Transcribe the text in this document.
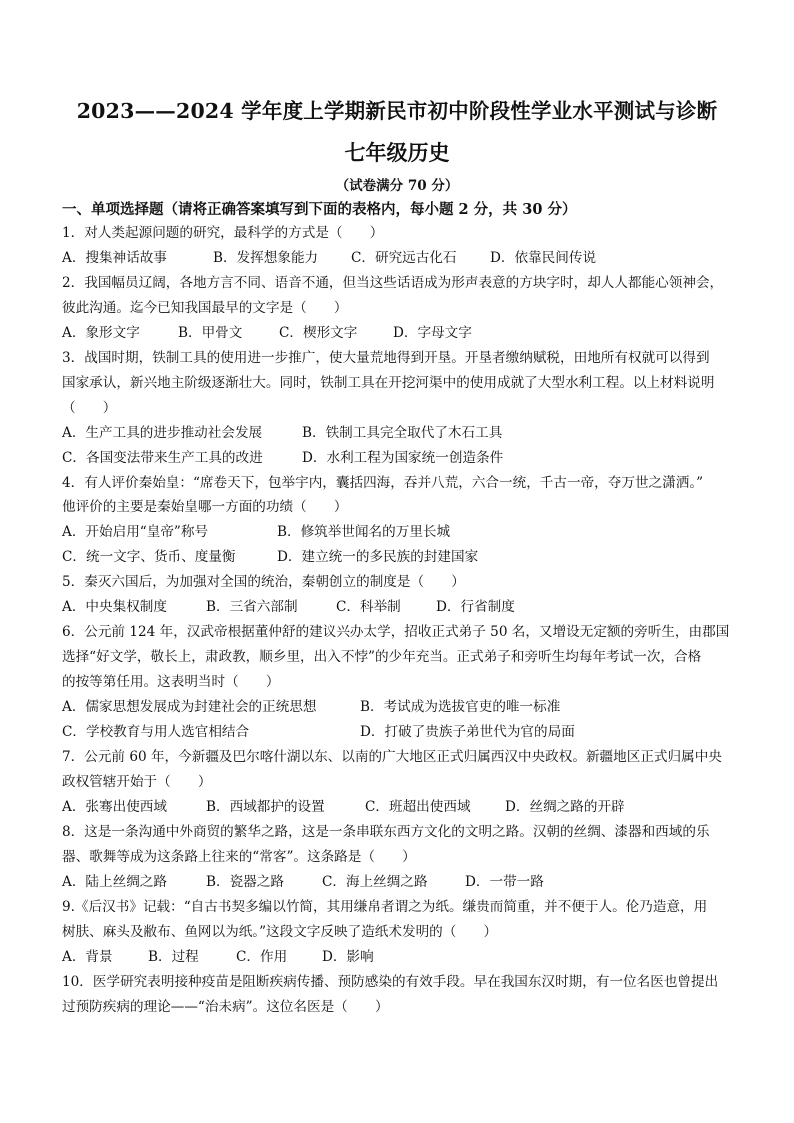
2023——2024 学年度上学期新民市初中阶段性学业水平测试与诊断
七年级历史
（试卷满分 70 分）
一、单项选择题（请将正确答案填写到下面的表格内，每小题 2 分，共 30 分）
1．对人类起源问题的研究，最科学的方式是（　　）
A．搜集神话故事	B．发挥想象能力 C．研究远古化石 D．依靠民间传说
2．我国幅员辽阔，各地方言不同、语音不通，但当这些话语成为形声表意的方块字时，却人人都能心领神会，
彼此沟通。迄今已知我国最早的文字是（　　）
A．象形文字	B．甲骨文	C．楔形文字	D．字母文字
3．战国时期，铁制工具的使用进一步推广，使大量荒地得到开垦。开垦者缴纳赋税，田地所有权就可以得到
国家承认，新兴地主阶级逐渐壮大。同时，铁制工具在开挖河渠中的使用成就了大型水利工程。以上材料说明
（　　）
A．生产工具的进步推动社会发展	B．铁制工具完全取代了木石工具
C．各国变法带来生产工具的改进	D．水利工程为国家统一创造条件
4．有人评价秦始皇：“席卷天下，包举宇内，囊括四海，吞并八荒，六合一统，千古一帝，夺万世之潇洒。”
他评价的主要是秦始皇哪一方面的功绩（　　）
A．开始启用“皇帝”称号	B．修筑举世闻名的万里长城
C．统一文字、货币、度量衡	D．建立统一的多民族的封建国家
5．秦灭六国后，为加强对全国的统治，秦朝创立的制度是（　　）
A．中央集权制度	B．三省六部制	C．科举制	D．行省制度
6．公元前 124 年，汉武帝根据董仲舒的建议兴办太学，招收正式弟子 50 名，又增设无定额的旁听生，由郡国
选择“好文学，敬长上，肃政教，顺乡里，出入不悖”的少年充当。正式弟子和旁听生均每年考试一次，合格
的按等第任用。这表明当时（　　）
A．儒家思想发展成为封建社会的正统思想	B．考试成为选拔官吏的唯一标准
C．学校教育与用人选官相结合	D．打破了贵族子弟世代为官的局面
7．公元前 60 年，今新疆及巴尔喀什湖以东、以南的广大地区正式归属西汉中央政权。新疆地区正式归属中央
政权管辖开始于（　　）
A．张骞出使西域	B．西域都护的设置	C．班超出使西域	D．丝绸之路的开辟
8．这是一条沟通中外商贸的繁华之路，这是一条串联东西方文化的文明之路。汉朝的丝绸、漆器和西域的乐
器、歌舞等成为这条路上往来的“常客”。这条路是（　　）
A．陆上丝绸之路	B．瓷器之路	C．海上丝绸之路	D．一带一路
9.《后汉书》记载：“自古书契多编以竹简，其用缣帛者谓之为纸。缣贵而简重，并不便于人。伦乃造意，用
树肤、麻头及敝布、鱼网以为纸。”这段文字反映了造纸术发明的（　　）
A．背景	B．过程	C．作用	D．影响
10．医学研究表明接种疫苗是阻断疾病传播、预防感染的有效手段。早在我国东汉时期，有一位名医也曾提出
过预防疾病的理论——“治未病”。这位名医是（　　）
